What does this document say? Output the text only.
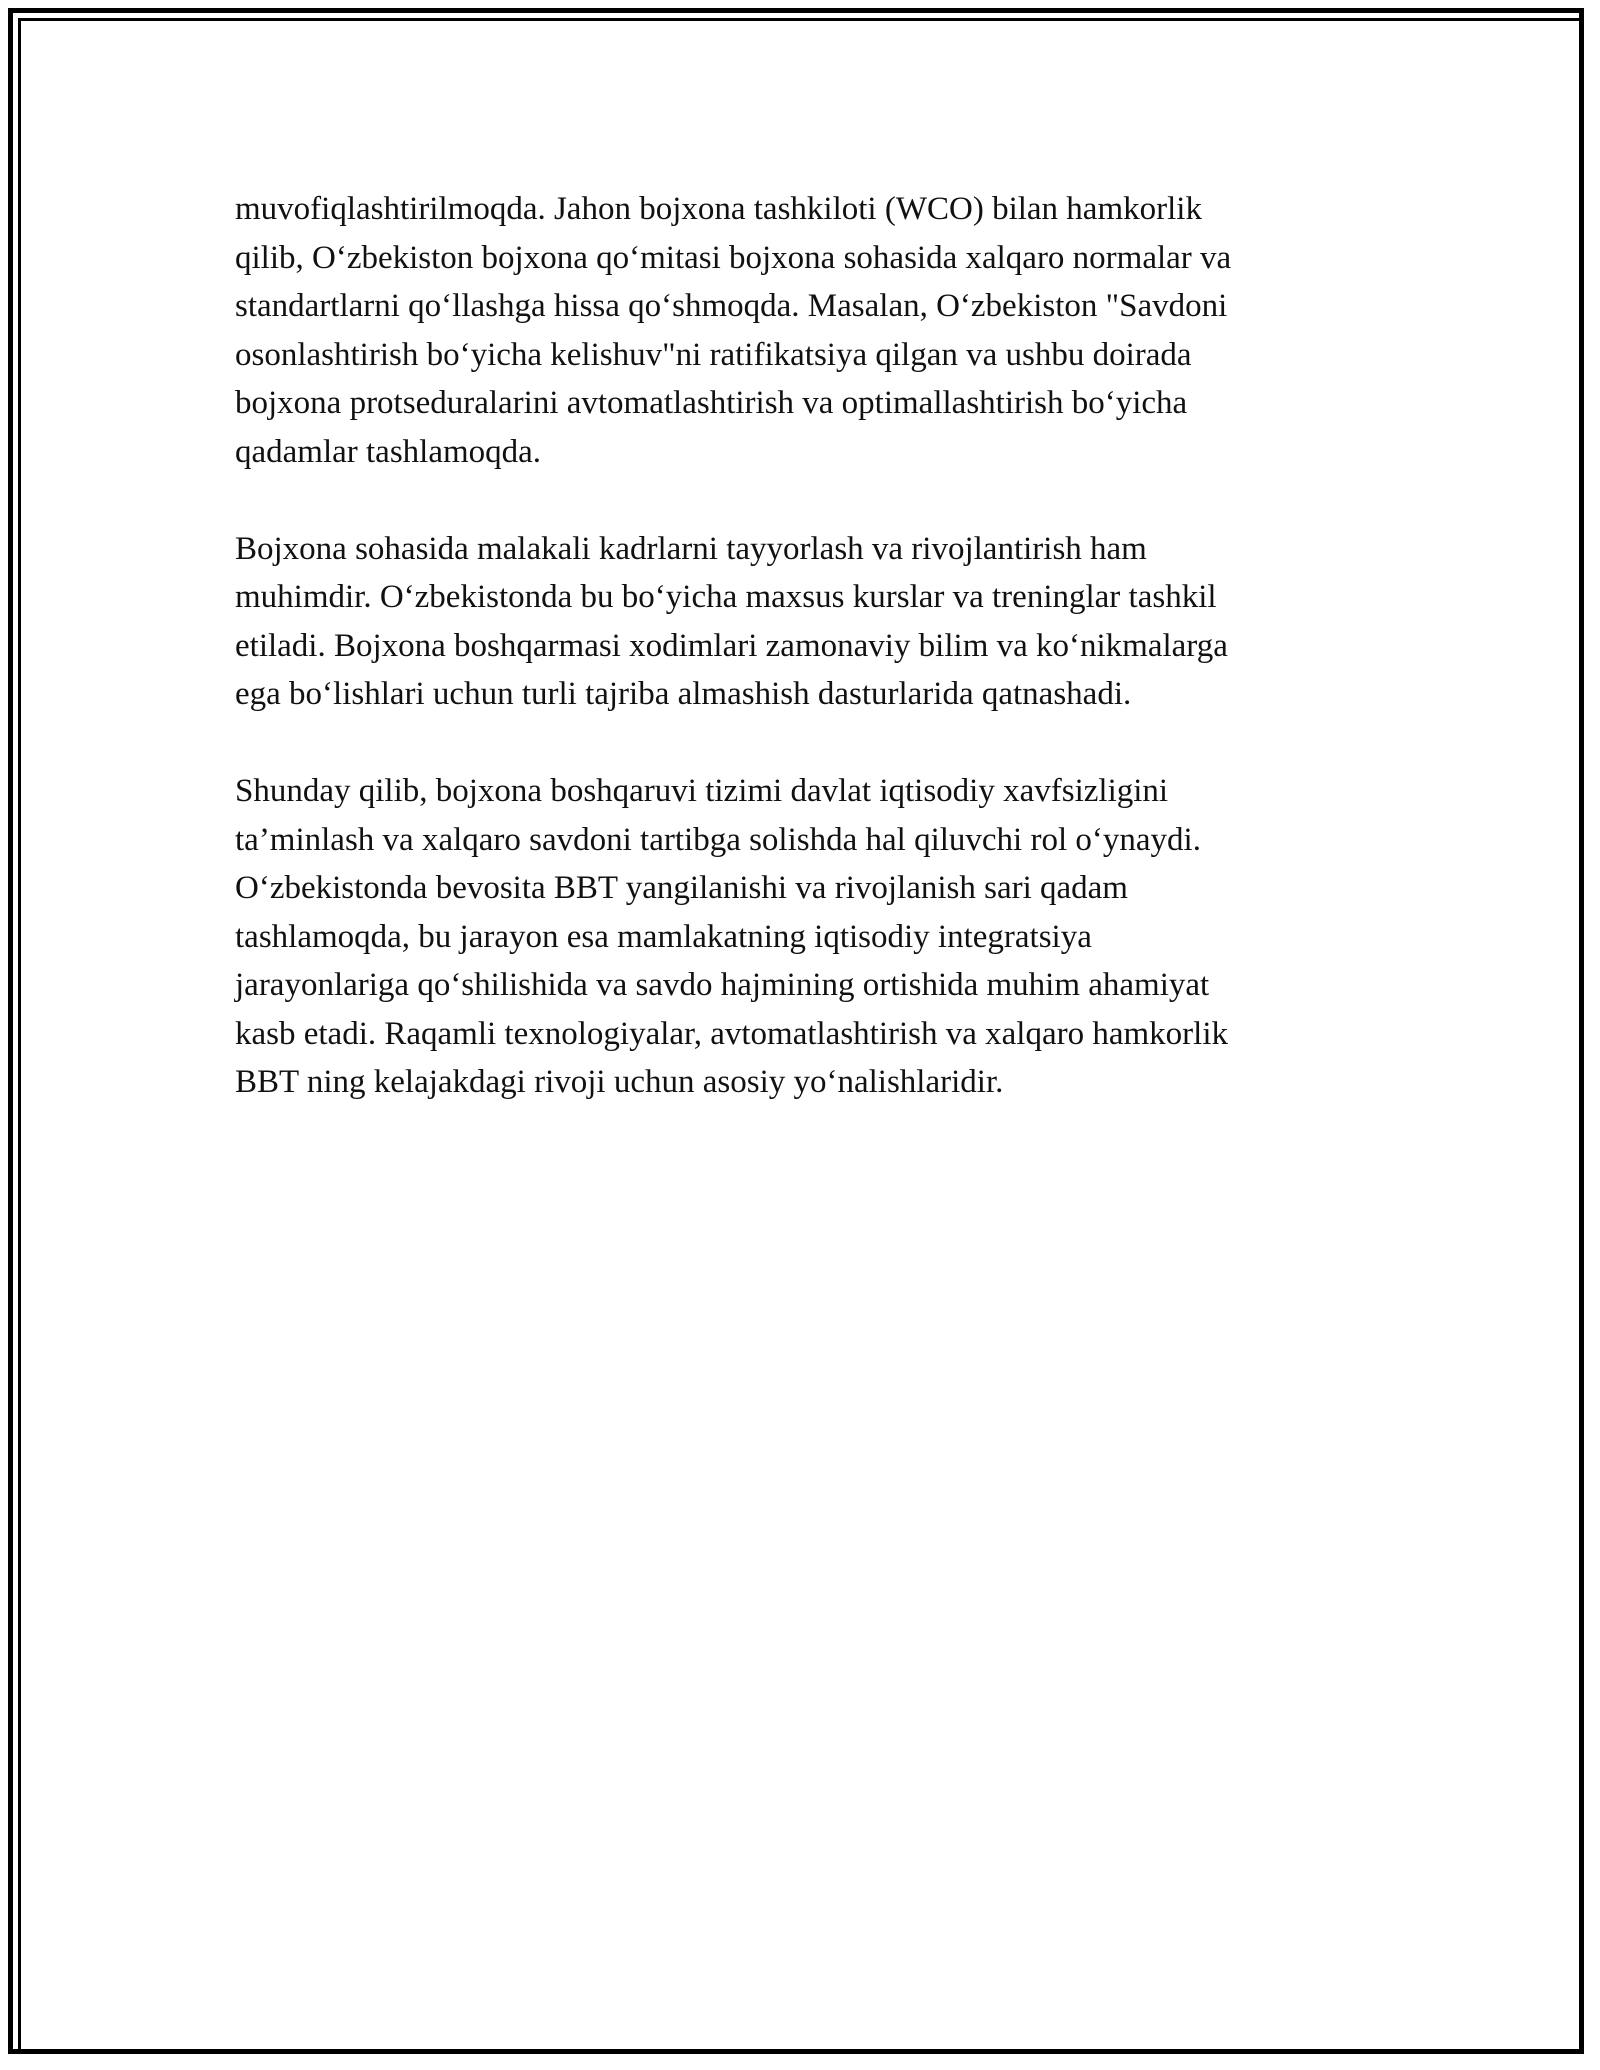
muvofiqlashtirilmoqda. Jahon bojxona tashkiloti (WCO) bilan hamkorlik
qilib, O‘zbekiston bojxona qo‘mitasi bojxona sohasida xalqaro normalar va
standartlarni qo‘llashga hissa qo‘shmoqda. Masalan, O‘zbekiston "Savdoni
osonlashtirish bo‘yicha kelishuv"ni ratifikatsiya qilgan va ushbu doirada
bojxona protseduralarini avtomatlashtirish va optimallashtirish bo‘yicha
qadamlar tashlamoqda.

Bojxona sohasida malakali kadrlarni tayyorlash va rivojlantirish ham
muhimdir. O‘zbekistonda bu bo‘yicha maxsus kurslar va treninglar tashkil
etiladi. Bojxona boshqarmasi xodimlari zamonaviy bilim va ko‘nikmalarga
ega bo‘lishlari uchun turli tajriba almashish dasturlarida qatnashadi.

Shunday qilib, bojxona boshqaruvi tizimi davlat iqtisodiy xavfsizligini
ta’minlash va xalqaro savdoni tartibga solishda hal qiluvchi rol o‘ynaydi.
O‘zbekistonda bevosita BBT yangilanishi va rivojlanish sari qadam
tashlamoqda, bu jarayon esa mamlakatning iqtisodiy integratsiya
jarayonlariga qo‘shilishida va savdo hajmining ortishida muhim ahamiyat
kasb etadi. Raqamli texnologiyalar, avtomatlashtirish va xalqaro hamkorlik
BBT ning kelajakdagi rivoji uchun asosiy yo‘nalishlaridir.
